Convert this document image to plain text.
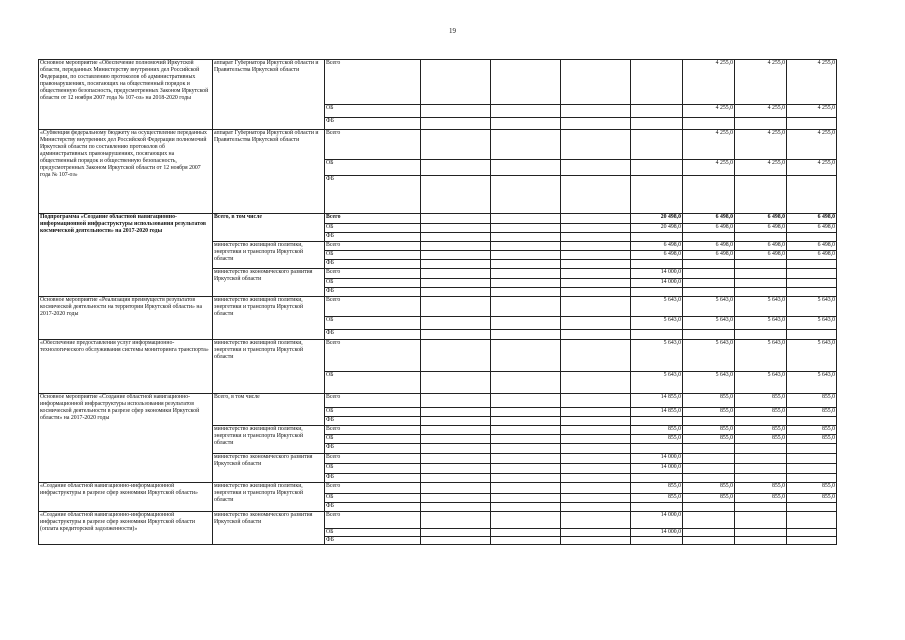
19
Основное мероприятие «Обеспечение полномочий Иркутской области, переданных Министерству внутренних дел Российской Федерации, по составлению протоколов об административных правонарушениях, посягающих на общественный порядок и общественную безопасность, предусмотренных Законом Иркутской области от 12 ноября 2007 года № 107-оз» на 2018-2020 годы	аппарат Губернатора Иркутской области и Правительства Иркутской области	Всего					4 255,0	4 255,0	4 255,0
		ОБ					4 255,0	4 255,0	4 255,0
		ФБ							
«Субвенция федеральному бюджету на осуществление переданных Министерству внутренних дел Российской Федерации полномочий Иркутской области по составлению протоколов об административных правонарушениях, посягающих на общественный порядок и общественную безопасность, предусмотренных Законом Иркутской области от 12 ноября 2007 года № 107-оз»	аппарат Губернатора Иркутской области и Правительства Иркутской области	Всего					4 255,0	4 255,0	4 255,0
		ОБ					4 255,0	4 255,0	4 255,0
		ФБ							
Подпрограмма «Создание областной навигационно-информационной инфраструктуры использования результатов космической деятельности» на 2017-2020 годы	Всего, в том числе	Всего				20 498,0	6 498,0	6 498,0	6 498,0
		ОБ				20 498,0	6 498,0	6 498,0	6 498,0
		ФБ							
	министерство жилищной политики, энергетики и транспорта Иркутской области	Всего				6 498,0	6 498,0	6 498,0	6 498,0
		ОБ				6 498,0	6 498,0	6 498,0	6 498,0
		ФБ							
	министерство экономического развития Иркутской области	Всего				14 000,0			
		ОБ				14 000,0			
		ФБ							
Основное мероприятие «Реализация преимуществ результатов космической деятельности на территории Иркутской области» на 2017-2020 годы	министерство жилищной политики, энергетики и транспорта Иркутской области	Всего				5 643,0	5 643,0	5 643,0	5 643,0
		ОБ				5 643,0	5 643,0	5 643,0	5 643,0
		ФБ							
«Обеспечение предоставления услуг информационно-технологического обслуживания системы мониторинга транспорта»	министерство жилищной политики, энергетики и транспорта Иркутской области	Всего				5 643,0	5 643,0	5 643,0	5 643,0
		ОБ				5 643,0	5 643,0	5 643,0	5 643,0
Основное мероприятие «Создание областной навигационно-информационной инфраструктуры использования результатов космической деятельности в разрезе сфер экономики Иркутской области» на 2017-2020 годы	Всего, в том числе	Всего				14 855,0	855,0	855,0	855,0
		ОБ				14 855,0	855,0	855,0	855,0
		ФБ							
	министерство жилищной политики, энергетики и транспорта Иркутской области	Всего				855,0	855,0	855,0	855,0
		ОБ				855,0	855,0	855,0	855,0
		ФБ							
	министерство экономического развития Иркутской области	Всего				14 000,0			
		ОБ				14 000,0			
		ФБ							
«Создание областной навигационно-информационной инфраструктуры в разрезе сфер экономики Иркутской области»	министерство жилищной политики, энергетики и транспорта Иркутской области	Всего				855,0	855,0	855,0	855,0
		ОБ				855,0	855,0	855,0	855,0
		ФБ							
«Создание областной навигационно-информационной инфраструктуры в разрезе сфер экономики Иркутской области (оплата кредиторской задолженности)»	министерство экономического развития Иркутской области	Всего				14 000,0			
		ОБ				14 000,0			
		ФБ							
